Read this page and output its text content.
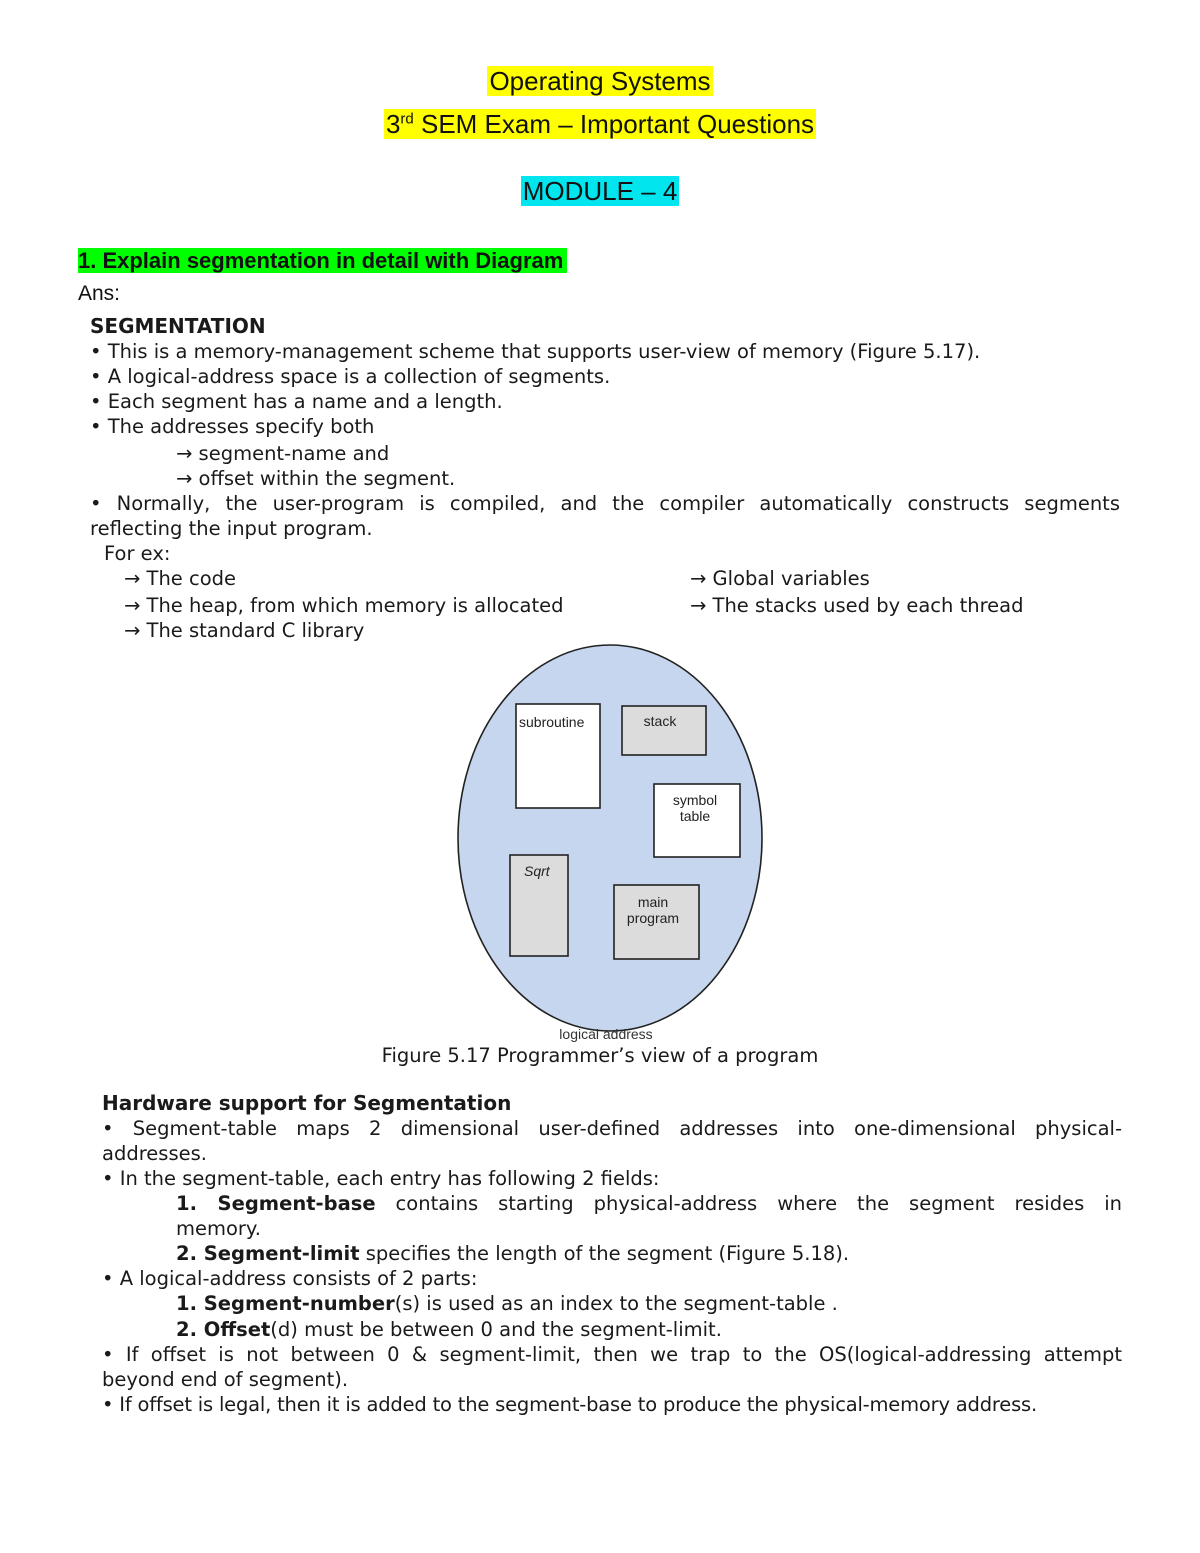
Operating Systems
3rd SEM Exam – Important Questions
MODULE – 4
1. Explain segmentation in detail with Diagram
Ans:
SEGMENTATION
• This is a memory-management scheme that supports user-view of memory (Figure 5.17).
• A logical-address space is a collection of segments.
• Each segment has a name and a length.
• The addresses specify both
→ segment-name and
→ offset within the segment.
• Normally, the user-program is compiled, and the compiler automatically constructs segments
reflecting the input program.
For ex:
→ The code
→ The heap, from which memory is allocated
→ The standard C library
→ Global variables
→ The stacks used by each thread
subroutine	stack
symbol
table
Sqrt
main
program
logical address
Figure 5.17 Programmer’s view of a program
Hardware support for Segmentation
• Segment-table maps 2 dimensional user-defined addresses into one-dimensional physical-
addresses.
• In the segment-table, each entry has following 2 fields:
1. Segment-base contains starting physical-address where the segment resides in
memory.
2. Segment-limit specifies the length of the segment (Figure 5.18).
• A logical-address consists of 2 parts:
1. Segment-number(s) is used as an index to the segment-table .
2. Offset(d) must be between 0 and the segment-limit.
• If offset is not between 0 & segment-limit, then we trap to the OS(logical-addressing attempt
beyond end of segment).
• If offset is legal, then it is added to the segment-base to produce the physical-memory address.
